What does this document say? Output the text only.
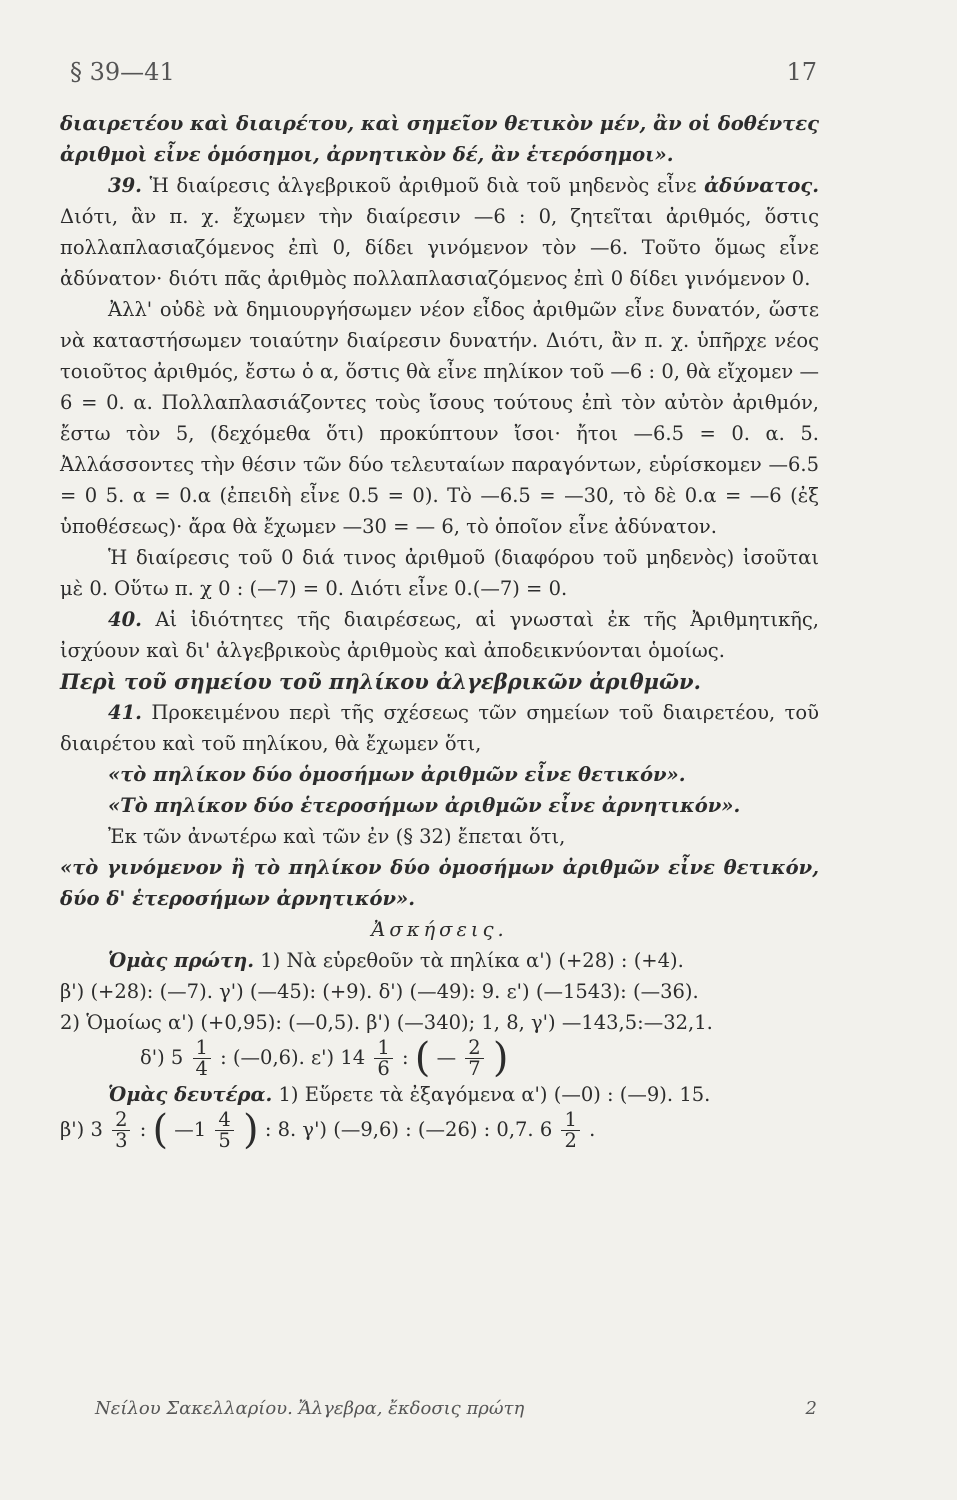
§ 39—41	17

διαιρετέου καὶ διαιρέτου, καὶ σημεῖον θετικὸν μέν, ἂν οἱ δοθέντες ἀριθμοὶ εἶνε ὁμόσημοι, ἀρνητικὸν δέ, ἂν ἑτερόσημοι».

39. Ἡ διαίρεσις ἀλγεβρικοῦ ἀριθμοῦ διὰ τοῦ μηδενὸς εἶνε ἀδύνατος. Διότι, ἂν π. χ. ἔχωμεν τὴν διαίρεσιν —6 : 0, ζητεῖται ἀριθμός, ὅστις πολλαπλασιαζόμενος ἐπὶ 0, δίδει γινόμενον τὸν —6. Τοῦτο ὅμως εἶνε ἀδύνατον· διότι πᾶς ἀριθμὸς πολλαπλασιαζόμενος ἐπὶ 0 δίδει γινόμενον 0.

Ἀλλ' οὐδὲ νὰ δημιουργήσωμεν νέον εἶδος ἀριθμῶν εἶνε δυνατόν, ὥστε νὰ καταστήσωμεν τοιαύτην διαίρεσιν δυνατήν. Διότι, ἂν π. χ. ὑπῆρχε νέος τοιοῦτος ἀριθμός, ἔστω ὁ α, ὅστις θὰ εἶνε πηλίκον τοῦ —6 : 0, θὰ εἴχομεν —6 = 0. α. Πολλαπλασιάζοντες τοὺς ἴσους τούτους ἐπὶ τὸν αὐτὸν ἀριθμόν, ἔστω τὸν 5, (δεχόμεθα ὅτι) προκύπτουν ἴσοι· ἤτοι —6.5 = 0. α. 5. Ἀλλάσσοντες τὴν θέσιν τῶν δύο τελευταίων παραγόντων, εὑρίσκομεν —6.5 = 0 5. α = 0.α (ἐπειδὴ εἶνε 0.5 = 0). Τὸ —6.5 = —30, τὸ δὲ 0.α = —6 (ἐξ ὑποθέσεως)· ἄρα θὰ ἔχωμεν —30 = — 6, τὸ ὁποῖον εἶνε ἀδύνατον.

Ἡ διαίρεσις τοῦ 0 διά τινος ἀριθμοῦ (διαφόρου τοῦ μηδενὸς) ἰσοῦται μὲ 0. Οὕτω π. χ 0 : (—7) = 0. Διότι εἶνε 0.(—7) = 0.

40. Αἱ ἰδιότητες τῆς διαιρέσεως, αἱ γνωσταὶ ἐκ τῆς Ἀριθμητικῆς, ἰσχύουν καὶ δι' ἀλγεβρικοὺς ἀριθμοὺς καὶ ἀποδεικνύονται ὁμοίως.

Περὶ τοῦ σημείου τοῦ πηλίκου ἀλγεβρικῶν ἀριθμῶν.

41. Προκειμένου περὶ τῆς σχέσεως τῶν σημείων τοῦ διαιρετέου, τοῦ διαιρέτου καὶ τοῦ πηλίκου, θὰ ἔχωμεν ὅτι,

«τὸ πηλίκον δύο ὁμοσήμων ἀριθμῶν εἶνε θετικόν».

«Τὸ πηλίκον δύο ἑτεροσήμων ἀριθμῶν εἶνε ἀρνητικόν».

Ἐκ τῶν ἀνωτέρω καὶ τῶν ἐν (§ 32) ἔπεται ὅτι,

«τὸ γινόμενον ἢ τὸ πηλίκον δύο ὁμοσήμων ἀριθμῶν εἶνε θετικόν, δύο δ' ἑτεροσήμων ἀρνητικόν».

Ἀσκήσεις.

Ὁμὰς πρώτη. 1) Νὰ εὑρεθοῦν τὰ πηλίκα α') (+28) : (+4).

β') (+28): (—7). γ') (—45): (+9). δ') (—49): 9. ε') (—1543): (—36).

2) Ὁμοίως α') (+0,95): (—0,5). β') (—340); 1, 8, γ') —143,5:—32,1.

δ') $5 \frac{1}{4}$ : (—0,6). ε') $14 \frac{1}{6}$ : ( — $\frac{2}{7}$ )

Ὁμὰς δευτέρα. 1) Εὕρετε τὰ ἐξαγόμενα α') (—0) : (—9). 15.

β') $3 \frac{2}{3}$ : ( —1 $\frac{4}{5}$ ) : 8. γ') (—9,6) : (—26) : 0,7. $6 \frac{1}{2}$ .

Νείλου Σακελλαρίου. Ἄλγεβρα, ἔκδοσις πρώτη	2
